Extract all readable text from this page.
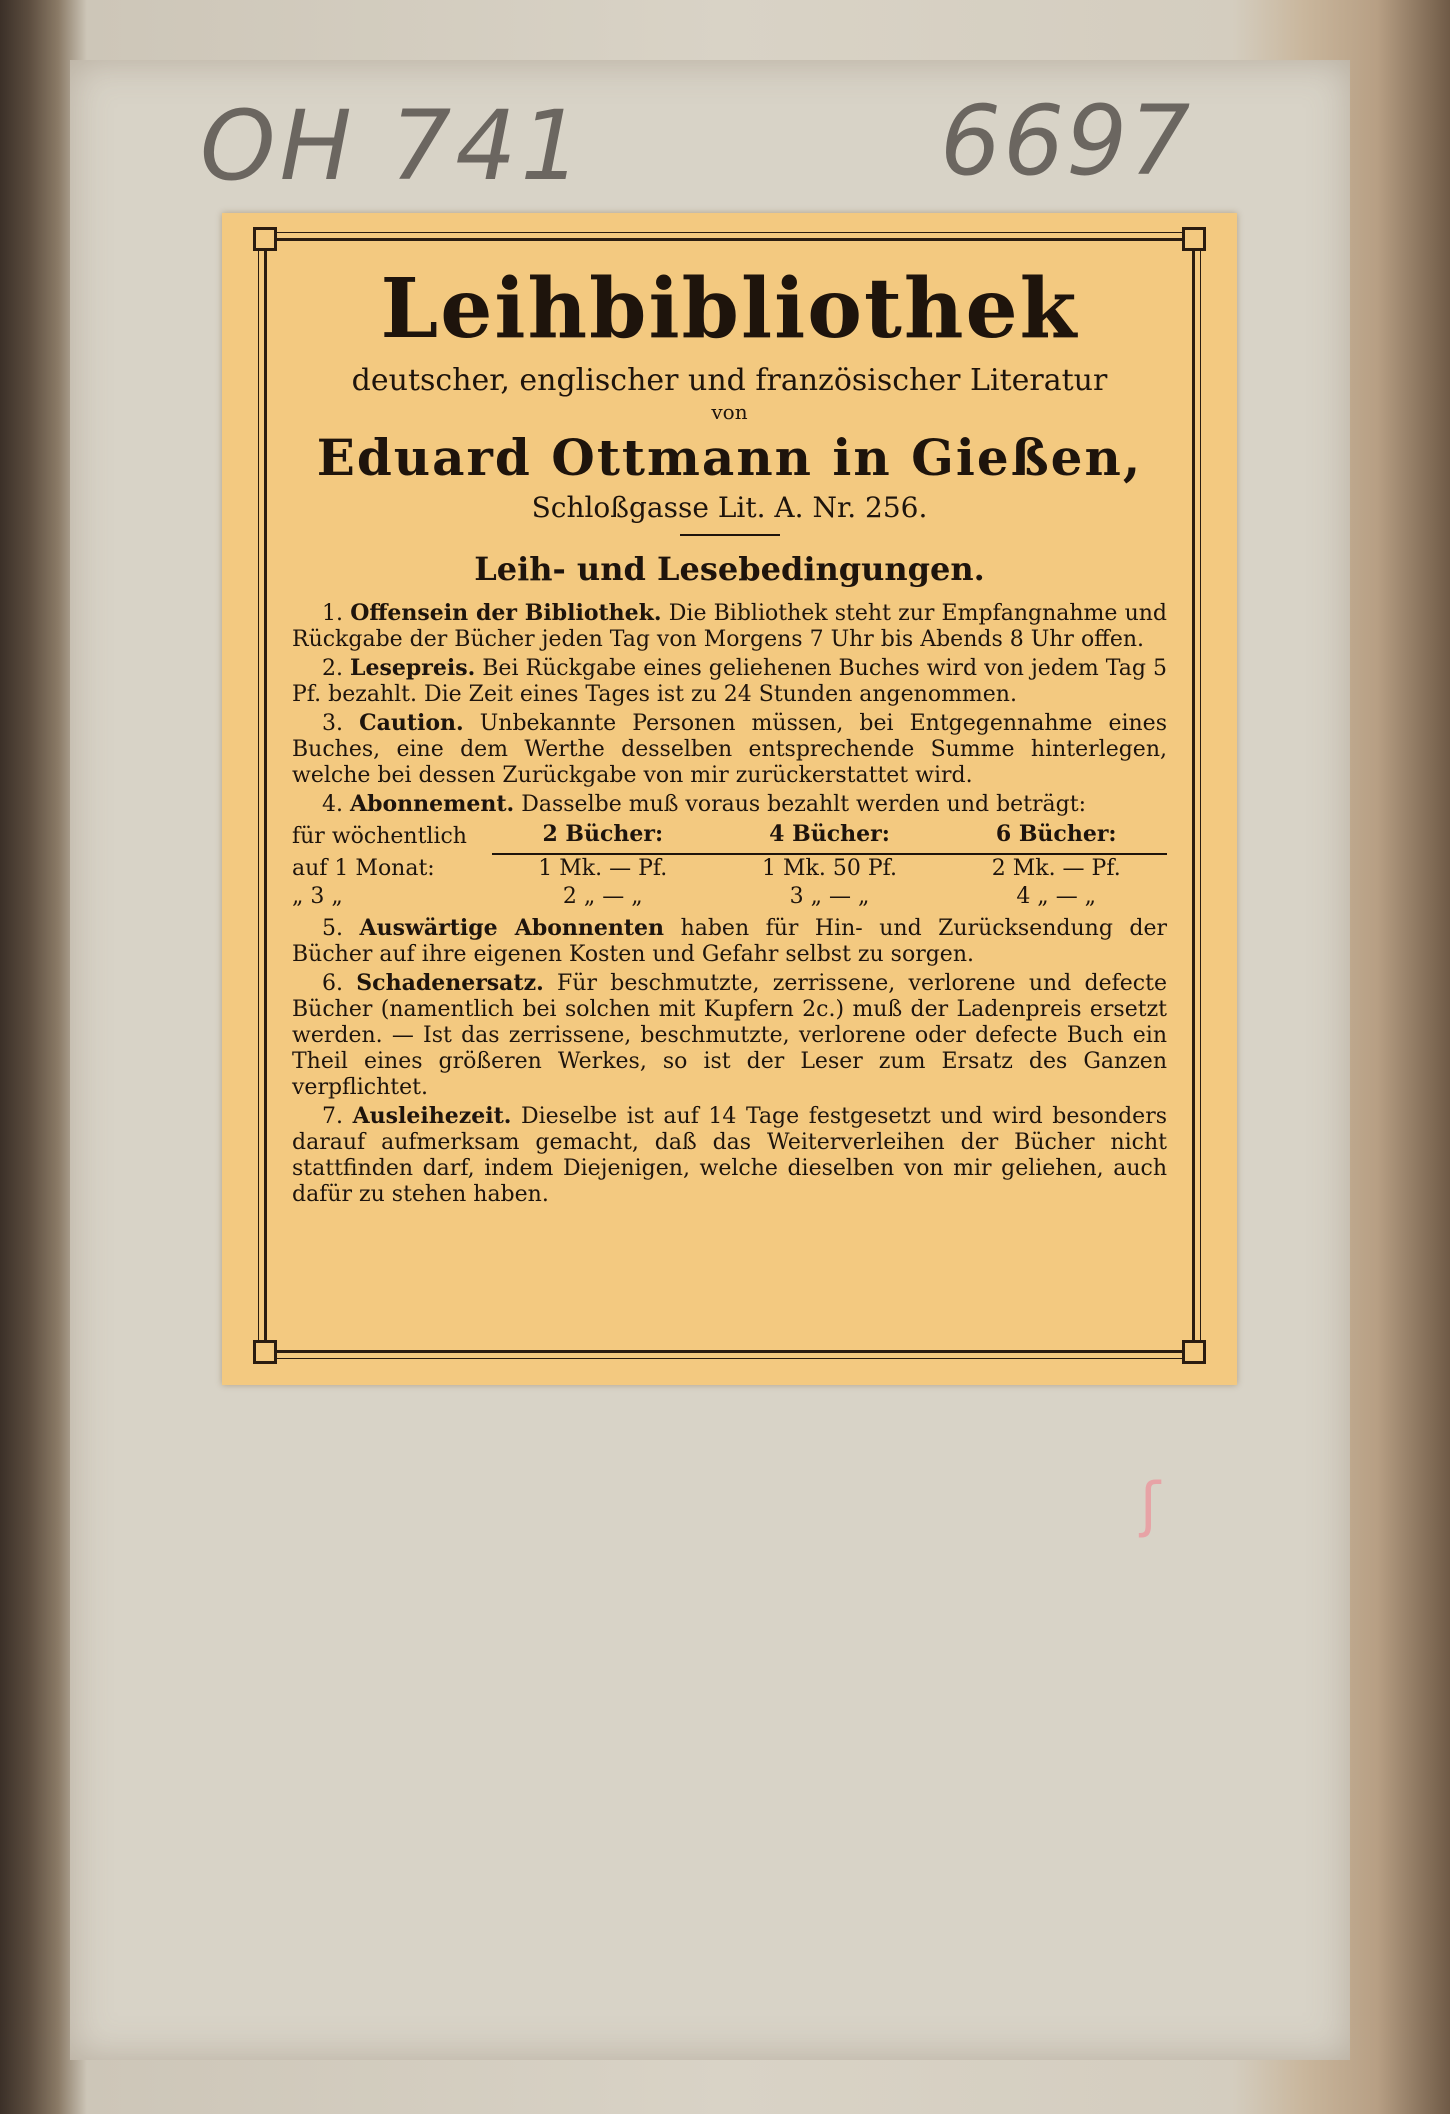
OH 741	6697
Leihbibliothek
deutscher, englischer und französischer Literatur
von
Eduard Ottmann in Gießen,
Schloßgasse Lit. A. Nr. 256.
Leih- und Lesebedingungen.

1. Offensein der Bibliothek. Die Bibliothek steht zur Empfangnahme und Rückgabe der Bücher jeden Tag von Morgens 7 Uhr bis Abends 8 Uhr offen.

2. Lesepreis. Bei Rückgabe eines geliehenen Buches wird von jedem Tag 5 Pf. bezahlt. Die Zeit eines Tages ist zu 24 Stunden angenommen.

3. Caution. Unbekannte Personen müssen, bei Entgegennahme eines Buches, eine dem Werthe desselben entsprechende Summe hinterlegen, welche bei dessen Zurückgabe von mir zurückerstattet wird.

4. Abonnement. Dasselbe muß voraus bezahlt werden und beträgt:

für wöchentlich	2 Bücher:	4 Bücher:	6 Bücher:
auf 1 Monat:	1 Mk. — Pf.	1 Mk. 50 Pf.	2 Mk. — Pf.
„ 3 „	2 „ — „	3 „ — „	4 „ — „

5. Auswärtige Abonnenten haben für Hin- und Zurücksendung der Bücher auf ihre eigenen Kosten und Gefahr selbst zu sorgen.

6. Schadenersatz. Für beschmutzte, zerrissene, verlorene und defecte Bücher (namentlich bei solchen mit Kupfern 2c.) muß der Ladenpreis ersetzt werden. — Ist das zerrissene, beschmutzte, verlorene oder defecte Buch ein Theil eines größeren Werkes, so ist der Leser zum Ersatz des Ganzen verpflichtet.

7. Ausleihezeit. Dieselbe ist auf 14 Tage festgesetzt und wird besonders darauf aufmerksam gemacht, daß das Weiterverleihen der Bücher nicht stattfinden darf, indem Diejenigen, welche dieselben von mir geliehen, auch dafür zu stehen haben.

ʃ
